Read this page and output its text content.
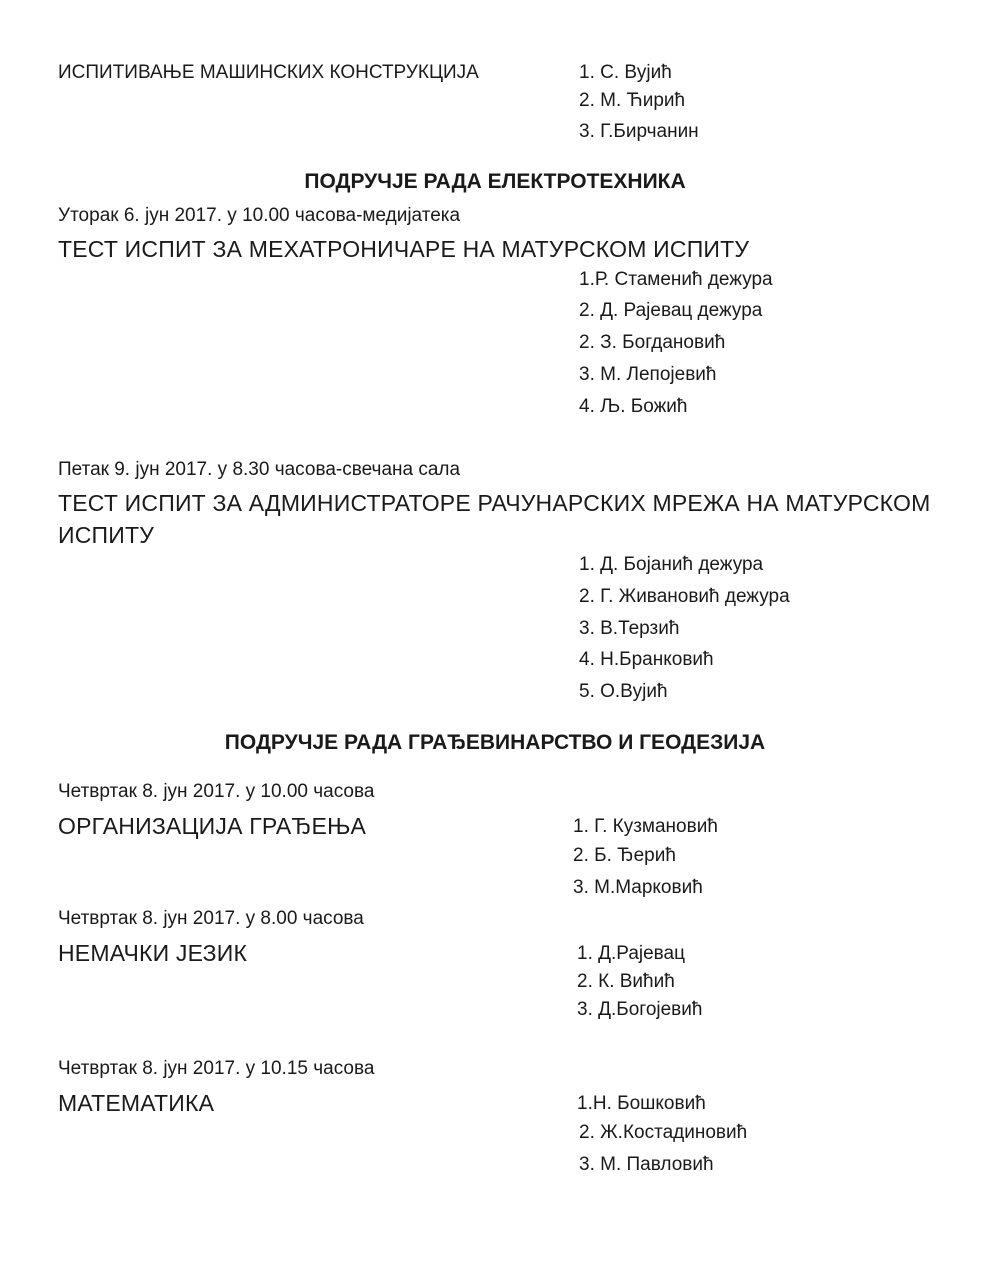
ИСПИТИВАЊЕ МАШИНСКИХ КОНСТРУКЦИЈА	1. С. Вујић
2. М. Ћирић
3. Г.Бирчанин
ПОДРУЧЈЕ РАДА ЕЛЕКТРОТЕХНИКА
Уторак 6. јун 2017. у 10.00 часова-медијатека
ТЕСТ ИСПИТ ЗА МЕХАТРОНИЧАРЕ НА МАТУРСКОМ ИСПИТУ
1.Р. Стаменић дежура
2. Д. Рајевац дежура
2. З. Богдановић
3. М. Лепојевић
4. Љ. Божић
Петак 9. јун 2017. у 8.30 часова-свечана сала
ТЕСТ ИСПИТ ЗА АДМИНИСТРАТОРЕ РАЧУНАРСКИХ МРЕЖА НА МАТУРСКОМ
ИСПИТУ
1. Д. Бојанић дежура
2. Г. Живановић дежура
3. В.Терзић
4. Н.Бранковић
5. О.Вујић
ПОДРУЧЈЕ РАДА ГРАЂЕВИНАРСТВО И ГЕОДЕЗИЈА
Четвртак 8. јун 2017. у 10.00 часова
ОРГАНИЗАЦИЈА ГРАЂЕЊА	1. Г. Кузмановић
2. Б. Ђерић
3. М.Марковић
Четвртак 8. јун 2017. у 8.00 часова
НЕМАЧКИ ЈЕЗИК	1. Д.Рајевац
2. К. Вићић
3. Д.Богојевић
Четвртак 8. јун 2017. у 10.15 часова
МАТЕМАТИКА	1.Н. Бошковић
2. Ж.Костадиновић
3. М. Павловић
